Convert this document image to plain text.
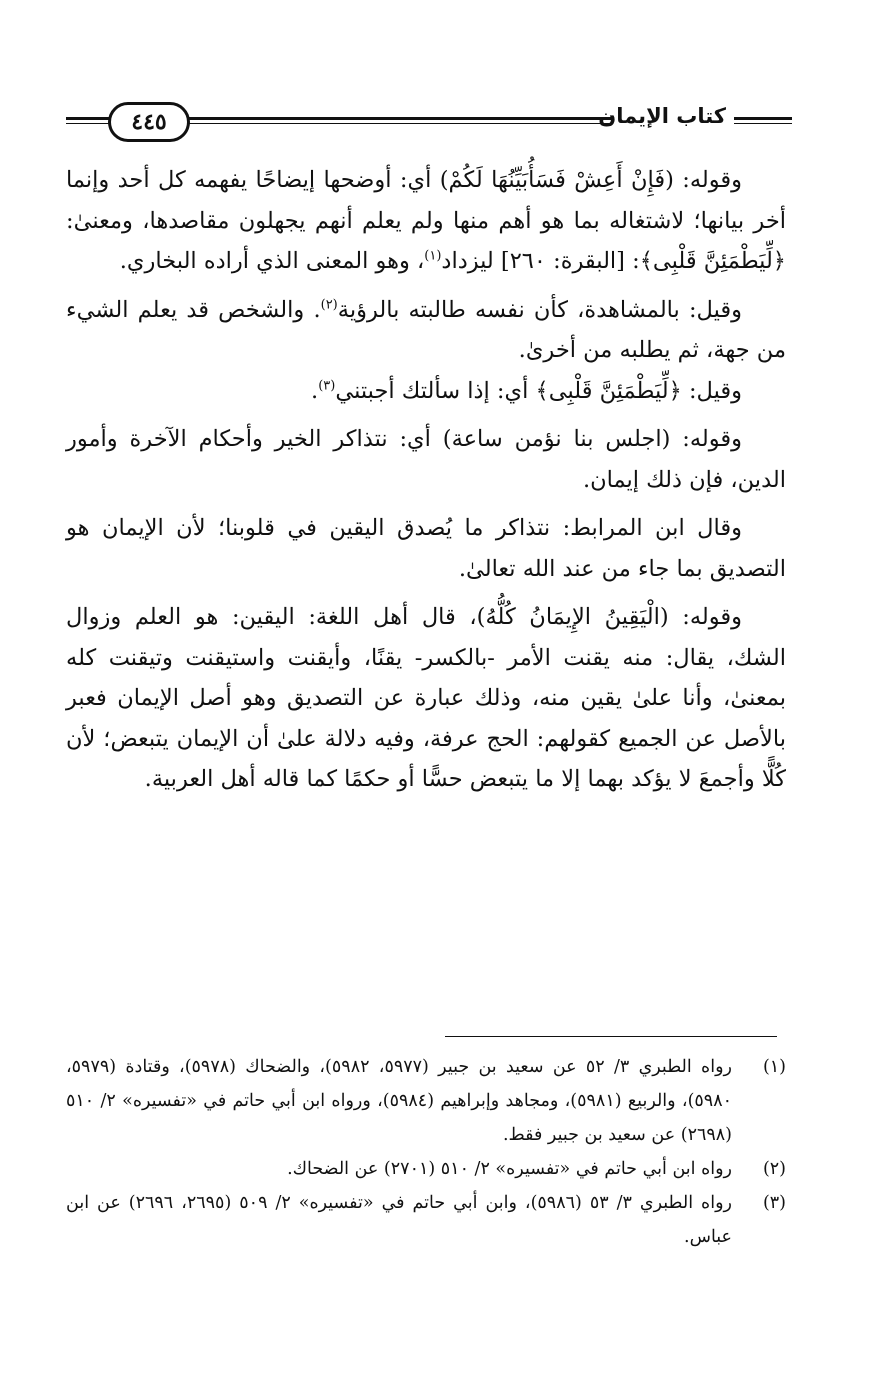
كتاب الإيمان
٤٤٥

وقوله: (فَإِنْ أَعِشْ فَسَأُبَيِّنُهَا لَكُمْ) أي: أوضحها إيضاحًا يفهمه كل أحد وإنما أخر بيانها؛ لاشتغاله بما هو أهم منها ولم يعلم أنهم يجهلون مقاصدها، ومعنىٰ: ﴿لِّيَطْمَئِنَّ قَلْبِى﴾: [البقرة: ٢٦٠] ليزداد$^{(١)}$، وهو المعنى الذي أراده البخاري.

وقيل: بالمشاهدة، كأن نفسه طالبته بالرؤية$^{(٢)}$. والشخص قد يعلم الشيء من جهة، ثم يطلبه من أخرىٰ.

وقيل: ﴿لِّيَطْمَئِنَّ قَلْبِى﴾ أي: إذا سألتك أجبتني$^{(٣)}$.

وقوله: (اجلس بنا نؤمن ساعة) أي: نتذاكر الخير وأحكام الآخرة وأمور الدين، فإن ذلك إيمان.

وقال ابن المرابط: نتذاكر ما يُصدق اليقين في قلوبنا؛ لأن الإيمان هو التصديق بما جاء من عند الله تعالىٰ.

وقوله: (الْيَقِينُ الإِيمَانُ كُلُّهُ)، قال أهل اللغة: اليقين: هو العلم وزوال الشك، يقال: منه يقنت الأمر -بالكسر- يقنًا، وأيقنت واستيقنت وتيقنت كله بمعنىٰ، وأنا علىٰ يقين منه، وذلك عبارة عن التصديق وهو أصل الإيمان فعبر بالأصل عن الجميع كقولهم: الحج عرفة، وفيه دلالة علىٰ أن الإيمان يتبعض؛ لأن كُلًّا وأجمعَ لا يؤكد بهما إلا ما يتبعض حسًّا أو حكمًا كما قاله أهل العربية.

(١)
رواه الطبري ٣/ ٥٢ عن سعيد بن جبير (٥٩٧٧، ٥٩٨٢)، والضحاك (٥٩٧٨)، وقتادة (٥٩٧٩، ٥٩٨٠)، والربيع (٥٩٨١)، ومجاهد وإبراهيم (٥٩٨٤)، ورواه ابن أبي حاتم في «تفسيره» ٢/ ٥١٠ (٢٦٩٨) عن سعيد بن جبير فقط.
(٢)
رواه ابن أبي حاتم في «تفسيره» ٢/ ٥١٠ (٢٧٠١) عن الضحاك.
(٣)
رواه الطبري ٣/ ٥٣ (٥٩٨٦)، وابن أبي حاتم في «تفسيره» ٢/ ٥٠٩ (٢٦٩٥، ٢٦٩٦) عن ابن عباس.
